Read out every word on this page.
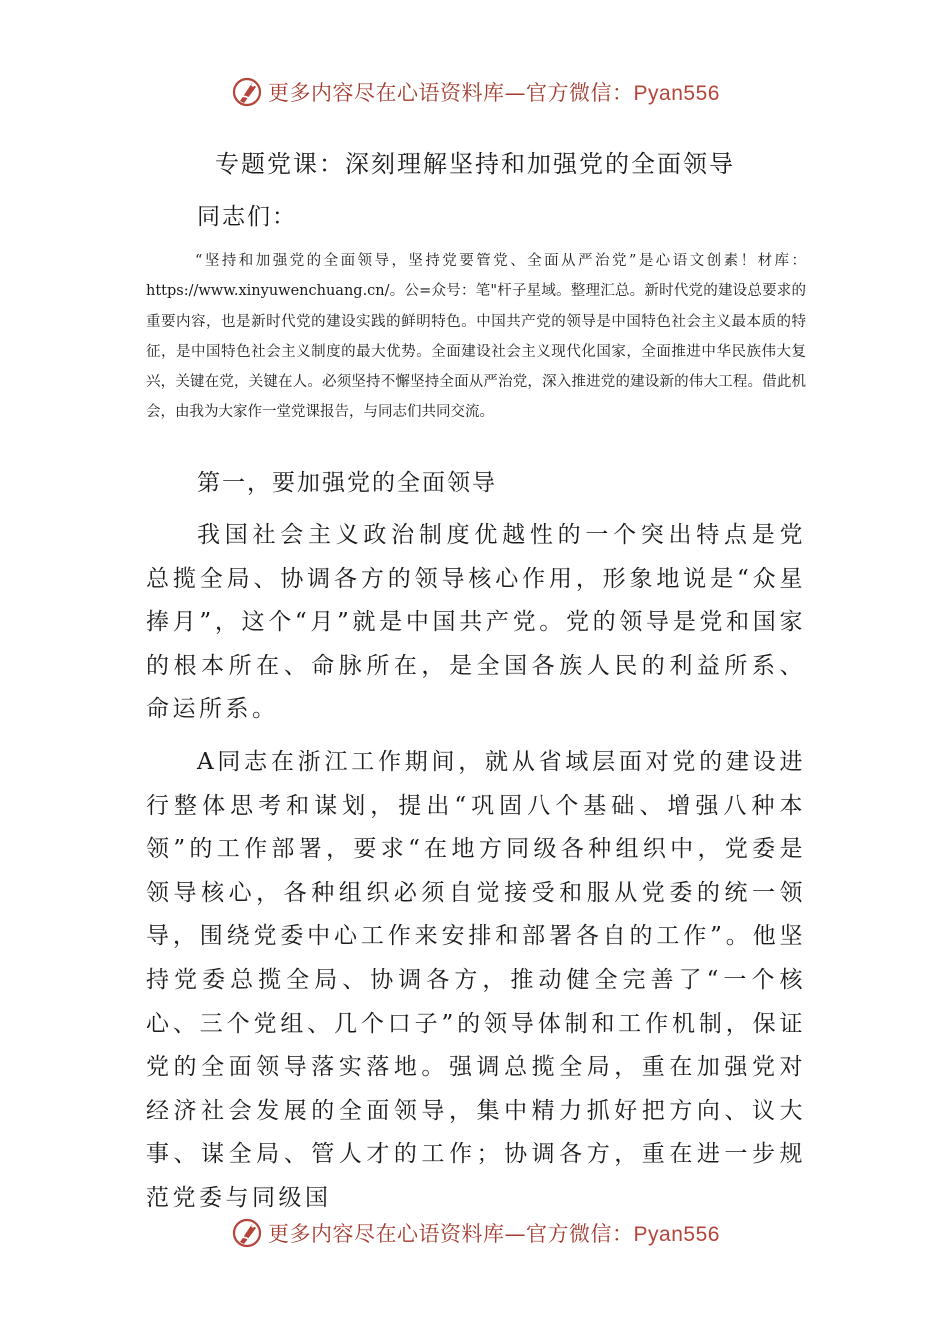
更多内容尽在心语资料库—官方微信：Pyan556
专题党课：深刻理解坚持和加强党的全面领导
同志们：
“坚持和加强党的全面领导，坚持党要管党、全面从严治党”是心语文创素！材库：https://www.xinyuwenchuang.cn/。公=众号：笔"杆子星域。整理汇总。新时代党的建设总要求的重要内容，也是新时代党的建设实践的鲜明特色。中国共产党的领导是中国特色社会主义最本质的特征，是中国特色社会主义制度的最大优势。全面建设社会主义现代化国家，全面推进中华民族伟大复兴，关键在党，关键在人。必须坚持不懈坚持全面从严治党，深入推进党的建设新的伟大工程。借此机会，由我为大家作一堂党课报告，与同志们共同交流。
第一，要加强党的全面领导
我国社会主义政治制度优越性的一个突出特点是党总揽全局、协调各方的领导核心作用，形象地说是“众星捧月”，这个“月”就是中国共产党。党的领导是党和国家的根本所在、命脉所在，是全国各族人民的利益所系、命运所系。
A同志在浙江工作期间，就从省域层面对党的建设进行整体思考和谋划，提出“巩固八个基础、增强八种本领”的工作部署，要求“在地方同级各种组织中，党委是领导核心，各种组织必须自觉接受和服从党委的统一领导，围绕党委中心工作来安排和部署各自的工作”。他坚持党委总揽全局、协调各方，推动健全完善了“一个核心、三个党组、几个口子”的领导体制和工作机制，保证党的全面领导落实落地。强调总揽全局，重在加强党对经济社会发展的全面领导，集中精力抓好把方向、议大事、谋全局、管人才的工作；协调各方，重在进一步规范党委与同级国
更多内容尽在心语资料库—官方微信：Pyan556
